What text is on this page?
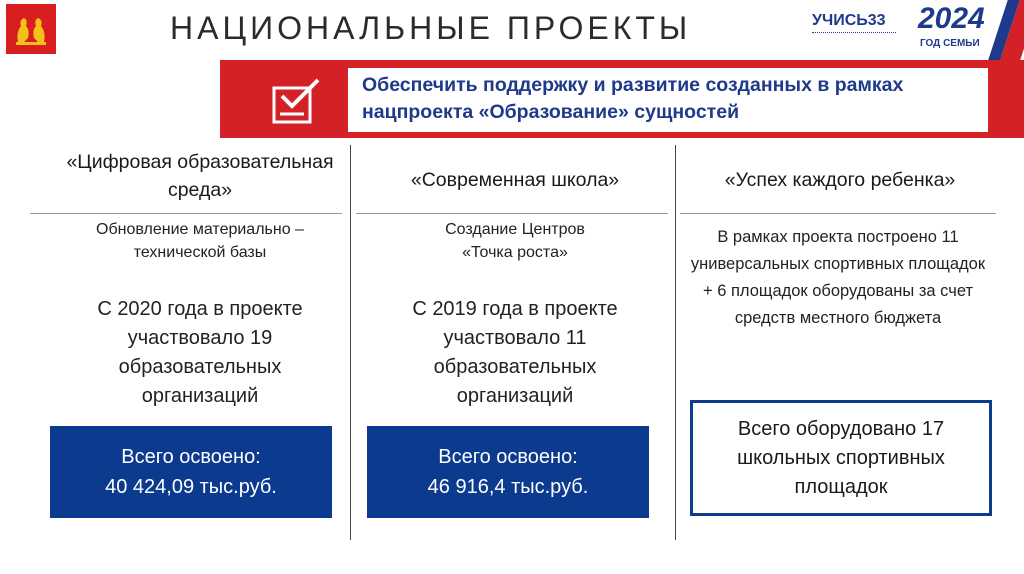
НАЦИОНАЛЬНЫЕ ПРОЕКТЫ	УЧИСЬ33 2024
ГОД СЕМЬИ
Обеспечить поддержку и развитие созданных в рамках нацпроекта «Образование» сущностей
«Цифровая образовательная среда»	«Современная школа»	«Успех каждого ребенка»
Обновление материально – технической базы
С 2020 года в проекте участвовало 19 образовательных организаций
Всего освоено:
40 424,09 тыс.руб.
Создание Центров
«Точка роста»
С 2019 года в проекте участвовало 11 образовательных организаций
Всего освоено:
46 916,4 тыс.руб.
В рамках проекта построено 11 универсальных спортивных площадок + 6 площадок оборудованы за счет средств местного бюджета
Всего оборудовано 17 школьных спортивных площадок
